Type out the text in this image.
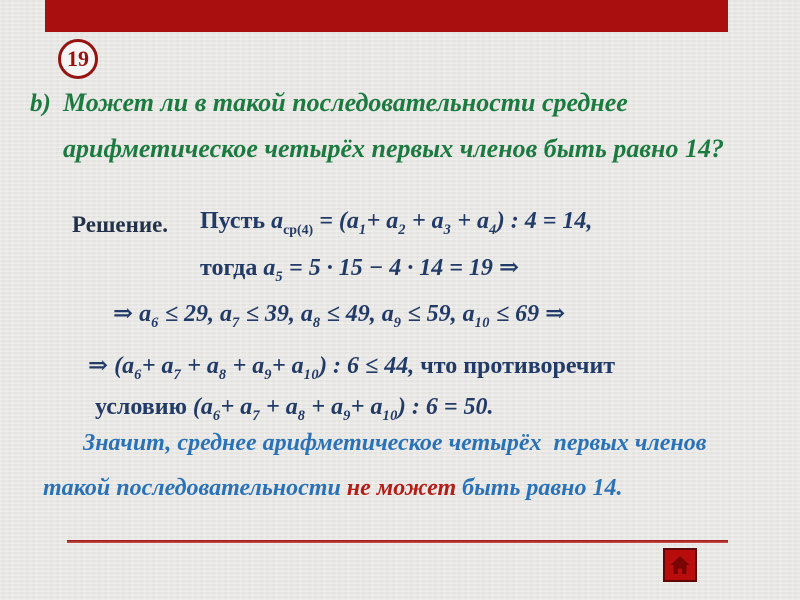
19
b) Может ли в такой последовательности среднее
арифметическое четырёх первых членов быть равно 14?
Решение. Пусть $a_{ср(4)} = (a_1+ a_2 + a_3 + a_4)$ : 4 = 14,
тогда $a_5 = 5 \cdot 15 - 4 \cdot 14 = 19$ ⇒
⇒ $a_6 \le 29$, $a_7 \le 39$, $a_8 \le 49$, $a_9 \le 59$, $a_{10} \le 69$ ⇒
⇒ $(a_6+ a_7 + a_8 + a_9+ a_{10})$ : 6 ≤ 44, что противоречит
условию $(a_6+ a_7 + a_8 + a_9+ a_{10})$ : 6 = 50.
Значит, среднее арифметическое четырёх  первых членов
такой последовательности не может быть равно 14.
